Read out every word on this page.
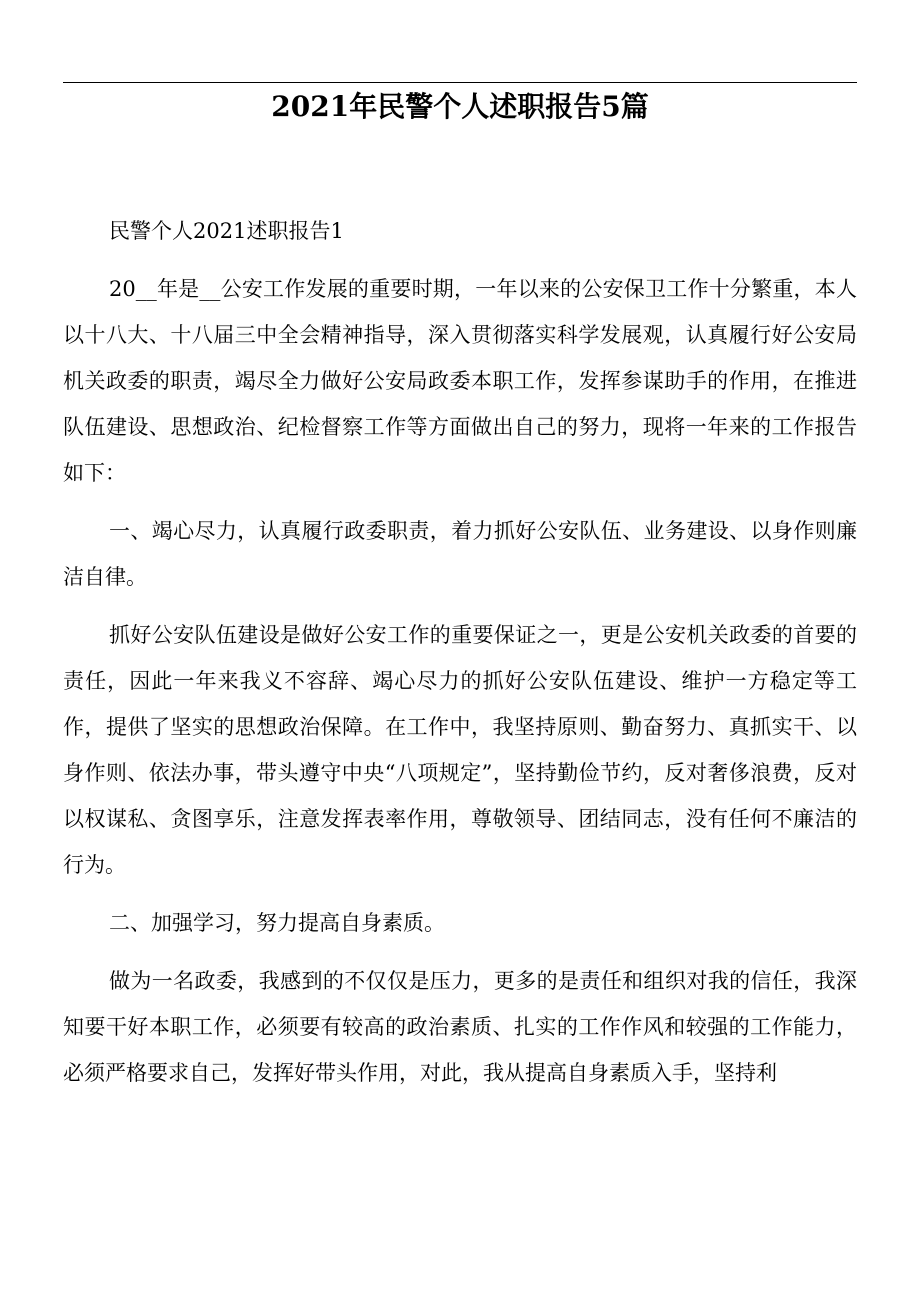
2021年民警个人述职报告5篇

民警个人2021述职报告1

20__年是__公安工作发展的重要时期，一年以来的公安保卫工作十分繁重，本人以十八大、十八届三中全会精神指导，深入贯彻落实科学发展观，认真履行好公安局机关政委的职责，竭尽全力做好公安局政委本职工作，发挥参谋助手的作用，在推进队伍建设、思想政治、纪检督察工作等方面做出自己的努力，现将一年来的工作报告如下：

一、竭心尽力，认真履行政委职责，着力抓好公安队伍、业务建设、以身作则廉洁自律。

抓好公安队伍建设是做好公安工作的重要保证之一，更是公安机关政委的首要的责任，因此一年来我义不容辞、竭心尽力的抓好公安队伍建设、维护一方稳定等工作，提供了坚实的思想政治保障。在工作中，我坚持原则、勤奋努力、真抓实干、以身作则、依法办事，带头遵守中央“八项规定”，坚持勤俭节约，反对奢侈浪费，反对以权谋私、贪图享乐，注意发挥表率作用，尊敬领导、团结同志，没有任何不廉洁的行为。

二、加强学习，努力提高自身素质。

做为一名政委，我感到的不仅仅是压力，更多的是责任和组织对我的信任，我深知要干好本职工作，必须要有较高的政治素质、扎实的工作作风和较强的工作能力，必须严格要求自己，发挥好带头作用，对此，我从提高自身素质入手，坚持利
